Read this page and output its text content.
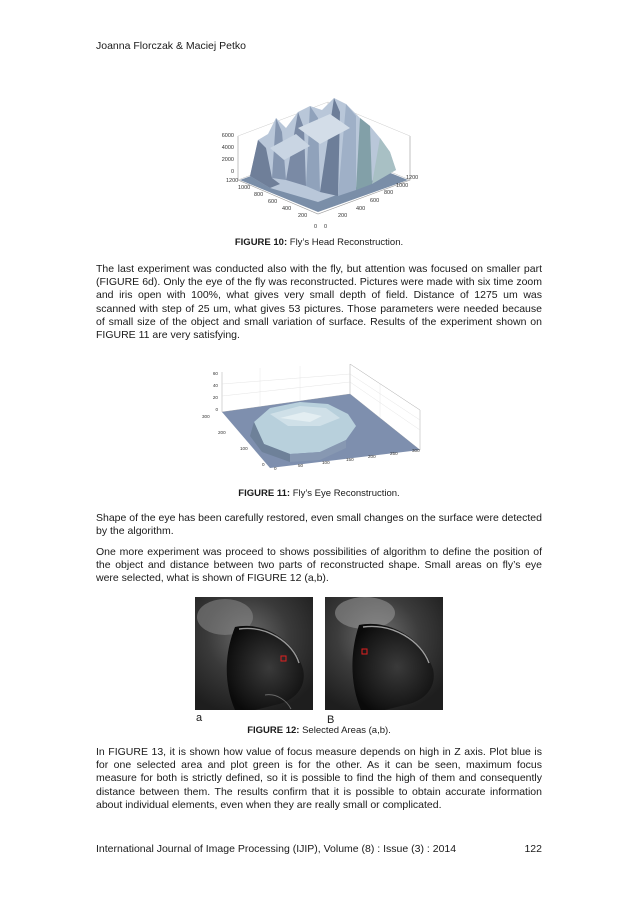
Joanna Florczak & Maciej Petko
6000
4000
2000
0
1200
1000
800
600
400
200
0 0
200
400
600
800
1000
1200
FIGURE 10: Fly’s Head Reconstruction.
The last experiment was conducted also with the fly, but attention was focused on smaller part (FIGURE 6d). Only the eye of the fly was reconstructed. Pictures were made with six time zoom and iris open with 100%, what gives very small depth of field. Distance of 1275 um was scanned with step of 25 um, what gives 53 pictures. Those parameters were needed because of small size of the object and small variation of surface. Results of the experiment shown on FIGURE 11 are very satisfying.
60
40
20
0
300
200
100
0
0
50
100
150
200
250
300
FIGURE 11: Fly’s Eye Reconstruction.
Shape of the eye has been carefully restored, even small changes on the surface were detected by the algorithm.
One more experiment was proceed to shows possibilities of algorithm to define the position of the object and distance between two parts of reconstructed shape. Small areas on fly’s eye were selected, what is shown of FIGURE 12 (a,b).
a	B
FIGURE 12: Selected Areas (a,b).
In FIGURE 13, it is shown how value of focus measure depends on high in Z axis. Plot blue is for one selected area and plot green is for the other. As it can be seen, maximum focus measure for both is strictly defined, so it is possible to find the high of them and consequently distance between them. The results confirm that it is possible to obtain accurate information about individual elements, even when they are really small or complicated.
International Journal of Image Processing (IJIP), Volume (8) : Issue (3) : 2014	122
